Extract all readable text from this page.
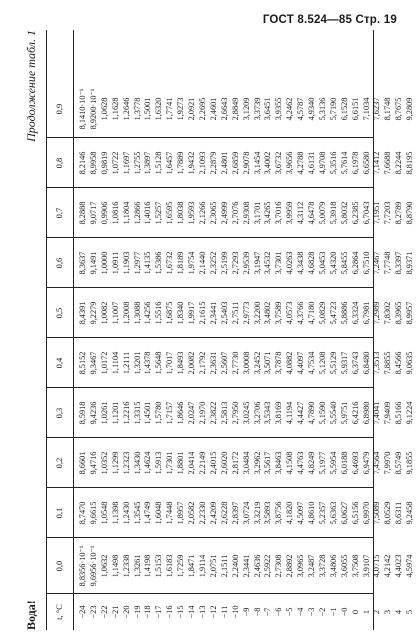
ГОСТ 8.524—85 Стр. 19
Вода!
Продолжение табл. 1
t, °C
0,0
0,1
0,2
0,3
0,4
0,5
0,6
0,7
0,8
0,9
−24 −23 −22 −21 −20 −19 −18 −17 −16 −15 −14 −13 −12 −11 −10 −9 −8 −7 −6 −5 −4 −3 −2 −1 −0 0 1 2 3 4 5
8,8356·10⁻¹ 9,6956·10⁻¹ 1,0632 1,1498 1,2338 1,3261 1,4198 1,5153 1,6183 1,7259 1,8471 1,9114 2,0751 2,1511 2,2400 2,3441 2,4636 2,5922 2,7308 2,8892 3,0965 3,2487 3,3728 3,4806 3,6055 3,7508 3,9107 4,0715 4,2142 4,4023 4,5974
8,7470 9,6615 1,0548 1,1398 1,2430 1,3545 1,4749 1,6048 1,7448 1,8957 2,0582 2,2330 2,4209 2,6228 2,8397 3,0724 3,3219 3,5893 3,8756 4,1820 4,5097 4,8610 5,2357 5,6363 6,0627 6,5156 6,9970 7,5089 8,0529 8,6311 9,2458
8,6601 9,4716 1,0352 1,1299 1,2323 1,3430 1,4624 1,5913 1,7301 1,8801 2,0414 2,2149 2,4015 2,6020 2,8172 3,0484 3,2962 3,5617 3,8463 4,1508 4,4763 4,8249 5,1977 5,5954 6,0188 6,4693 6,9479 7,4564 7,9970 8,5749 9,1855
8,5918 9,4236 1,0261 1,1201 1,2216 1,3315 1,4501 1,5780 1,7157 1,8646 2,0247 2,1970 2,3822 2,5813 2,7950 3,0245 3,2706 3,5343 3,8169 4,1194 4,4427 4,7890 5,1590 5,5540 5,9751 6,4216 6,8980 7,4041 7,9409 8,5166 9,1224
8,5152 9,3467 1,0172 1,1104 1,2111 1,3201 1,4378 1,5648 1,7017 1,8493 2,0082 2,1792 2,3631 2,5607 2,7730 3,0008 3,2452 3,5071 3,7878 4,0882 4,4097 4,7534 5,1208 5,5129 5,9317 6,3743 6,8480 7,3513 7,8855 8,4566 9,0635
8,4391 9,2279 1,0082 1,1007 1,2008 1,3088 1,4256 1,5516 1,6875 1,8340 1,9917 2,1615 2,3441 2,5403 2,7511 2,9773 3,2200 3,4802 3,7589 4,0573 4,3766 4,7180 5,0829 5,4723 5,8886 6,3324 6,7981 7,2989 7,8302 8,3965 8,9957
8,3637 9,1491 1,0000 1,0911 1,1903 1,2977 1,4135 1,5386 1,6732 1,8189 1,9754 2,1440 2,3252 2,5199 2,7293 2,9539 3,1947 3,4532 3,7301 4,0263 4,3438 4,6828 5,0453 5,4320 5,8455 6,2864 6,7510 7,2467 7,7748 8,3397 8,9371
8,2888 9,0717 0,9906 1,0816 1,1804 1,2866 1,4016 1,5257 1,6595 1,8038 1,9593 2,1266 2,3065 2,4999 2,7076 2,9308 3,1701 3,4265 3,7016 3,9959 4,3112 4,6478 5,0079 5,3918 5,8032 6,2385 6,7043 7,1951 7,7203 8,2789 8,8790
8,2146 8,9958 0,9819 1,0722 1,1697 1,2755 1,3897 1,5128 1,6457 1,7889 1,9432 2,1093 2,2879 2,4801 2,6859 2,9078 3,1454 3,4002 3,6732 3,9656 4,2788 4,6131 4,9708 5,3516 5,7614 6,1978 6,6580 7,1412 7,6688 8,2244 8,8195
8,1410·10⁻¹ 8,9200·10⁻¹ 1,0628 1,1628 1,2646 1,3778 1,5001 1,6320 1,7741 1,9273 2,0921 2,2695 2,4601 2,6643 2,8849 3,1209 3,3739 3,6451 3,9355 4,2462 4,5787 4,9340 5,3136 5,7190 6,1528 6,6151 7,1034 7,6237 8,1748 8,7675 9,2809
